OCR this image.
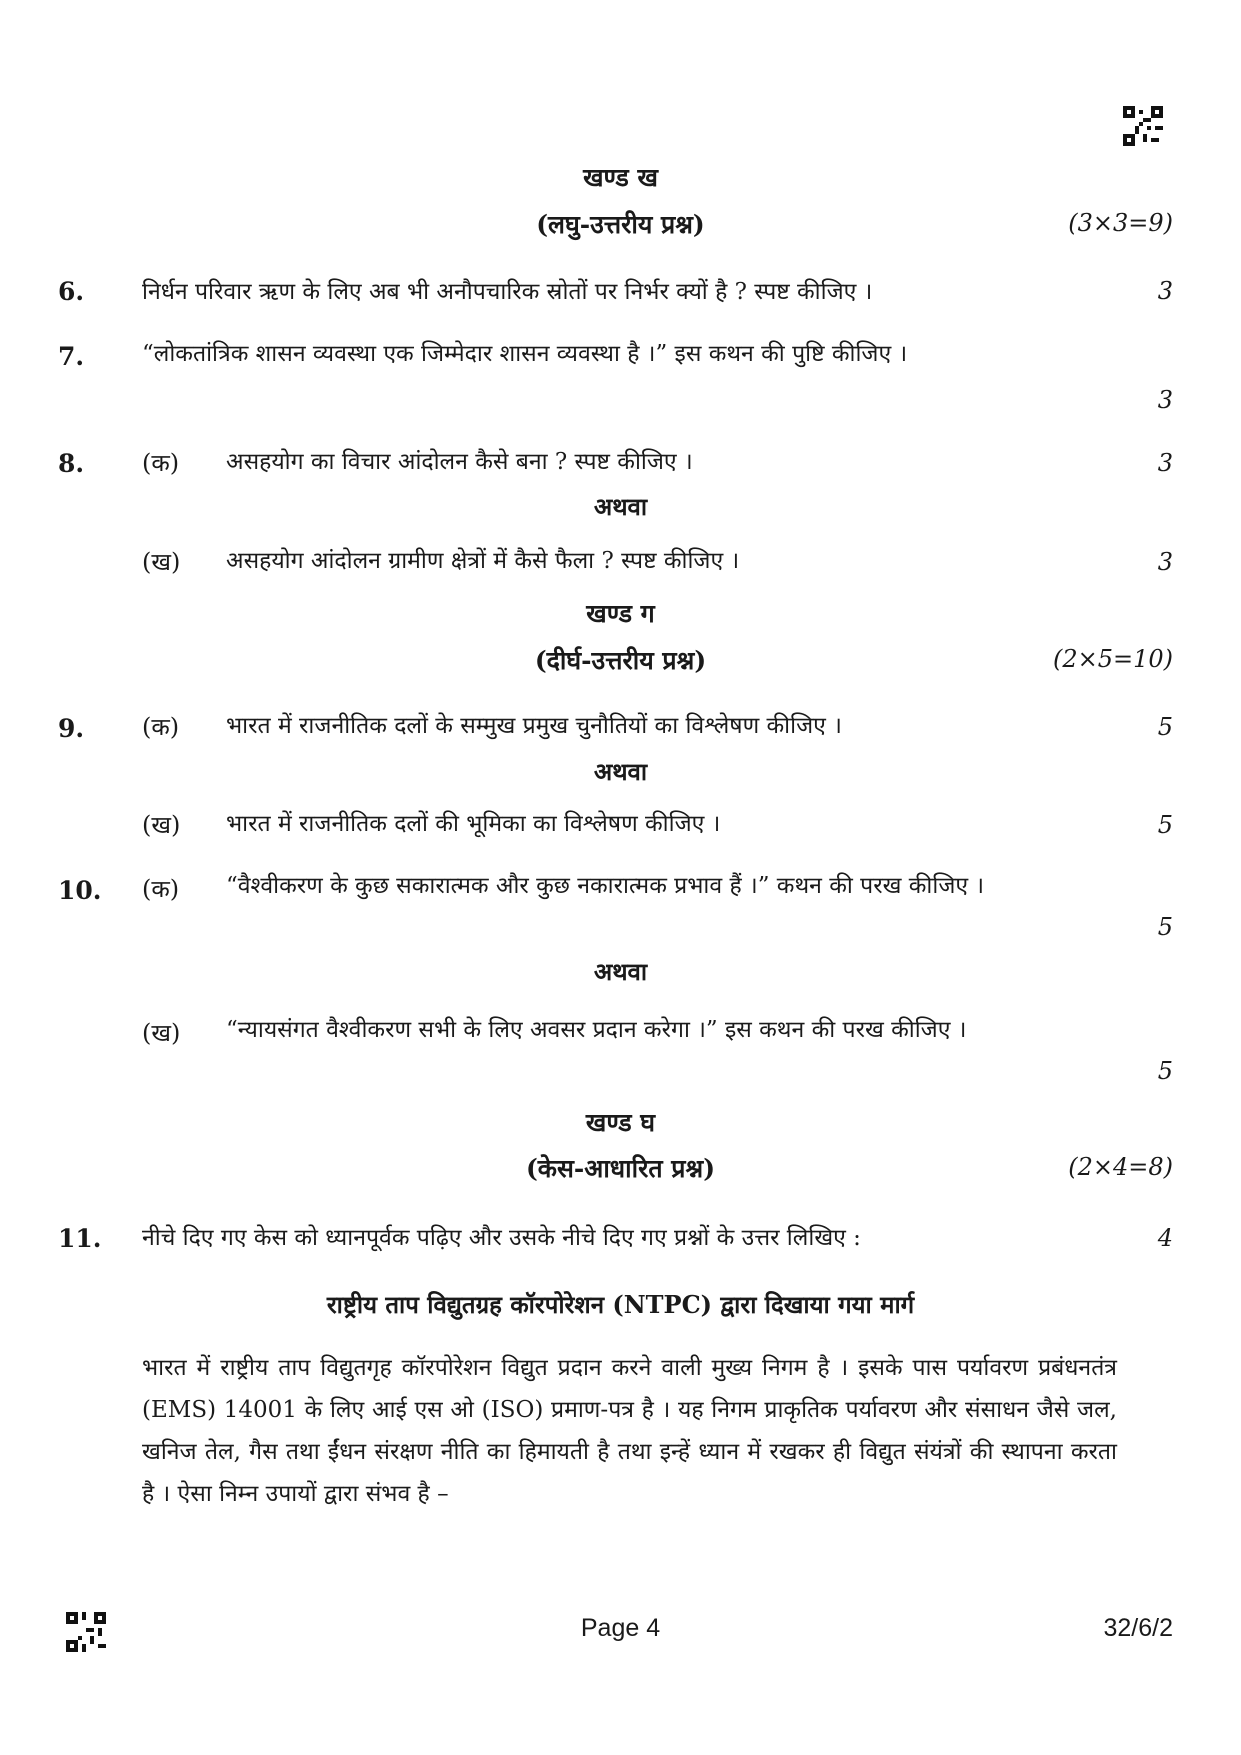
खण्ड ख
(लघु-उत्तरीय प्रश्न)	(3×3=9)
6.	निर्धन परिवार ऋण के लिए अब भी अनौपचारिक स्रोतों पर निर्भर क्यों है ? स्पष्ट कीजिए ।	3
7.	“लोकतांत्रिक शासन व्यवस्था एक जिम्मेदार शासन व्यवस्था है ।” इस कथन की पुष्टि कीजिए ।
3
8. (क) असहयोग का विचार आंदोलन कैसे बना ? स्पष्ट कीजिए ।	3
अथवा
(ख) असहयोग आंदोलन ग्रामीण क्षेत्रों में कैसे फैला ? स्पष्ट कीजिए ।	3
खण्ड ग
(दीर्घ-उत्तरीय प्रश्न)	(2×5=10)
9. (क) भारत में राजनीतिक दलों के सम्मुख प्रमुख चुनौतियों का विश्लेषण कीजिए ।	5
अथवा
(ख) भारत में राजनीतिक दलों की भूमिका का विश्लेषण कीजिए ।	5
10. (क) “वैश्वीकरण के कुछ सकारात्मक और कुछ नकारात्मक प्रभाव हैं ।” कथन की परख कीजिए ।
5
अथवा
(ख) “न्यायसंगत वैश्वीकरण सभी के लिए अवसर प्रदान करेगा ।” इस कथन की परख कीजिए ।
5
खण्ड घ
(केस-आधारित प्रश्न)	(2×4=8)
11. नीचे दिए गए केस को ध्यानपूर्वक पढ़िए और उसके नीचे दिए गए प्रश्नों के उत्तर लिखिए :	4
राष्ट्रीय ताप विद्युतग्रह कॉरपोरेशन (NTPC) द्वारा दिखाया गया मार्ग
भारत में राष्ट्रीय ताप विद्युतगृह कॉरपोरेशन विद्युत प्रदान करने वाली मुख्य निगम है । इसके पास पर्यावरण प्रबंधनतंत्र (EMS) 14001 के लिए आई एस ओ (ISO) प्रमाण-पत्र है । यह निगम प्राकृतिक पर्यावरण और संसाधन जैसे जल, खनिज तेल, गैस तथा ईंधन संरक्षण नीति का हिमायती है तथा इन्हें ध्यान में रखकर ही विद्युत संयंत्रों की स्थापना करता है । ऐसा निम्न उपायों द्वारा संभव है –
Page 4	32/6/2
